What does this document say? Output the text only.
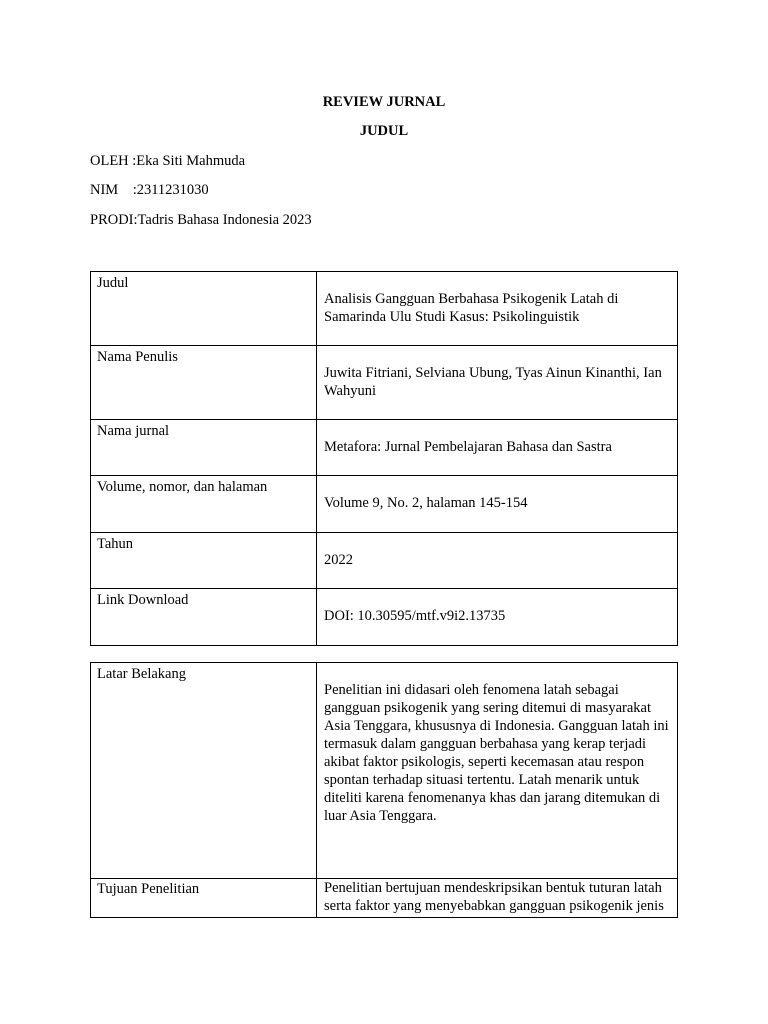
REVIEW JURNAL
JUDUL
OLEH :Eka Siti Mahmuda
NIM    :2311231030
PRODI:Tadris Bahasa Indonesia 2023
Judul	Analisis Gangguan Berbahasa Psikogenik Latah di Samarinda Ulu Studi Kasus: Psikolinguistik

Nama Penulis	Juwita Fitriani, Selviana Ubung, Tyas Ainun Kinanthi, Ian Wahyuni

Nama jurnal	Metafora: Jurnal Pembelajaran Bahasa dan Sastra

Volume, nomor, dan halaman	Volume 9, No. 2, halaman 145-154

Tahun	2022

Link Download	DOI: 10.30595/mtf.v9i2.13735
Latar Belakang	Penelitian ini didasari oleh fenomena latah sebagai gangguan psikogenik yang sering ditemui di masyarakat Asia Tenggara, khususnya di Indonesia. Gangguan latah ini termasuk dalam gangguan berbahasa yang kerap terjadi akibat faktor psikologis, seperti kecemasan atau respon spontan terhadap situasi tertentu. Latah menarik untuk diteliti karena fenomenanya khas dan jarang ditemukan di luar Asia Tenggara.

Tujuan Penelitian	Penelitian bertujuan mendeskripsikan bentuk tuturan latah serta faktor yang menyebabkan gangguan psikogenik jenis
